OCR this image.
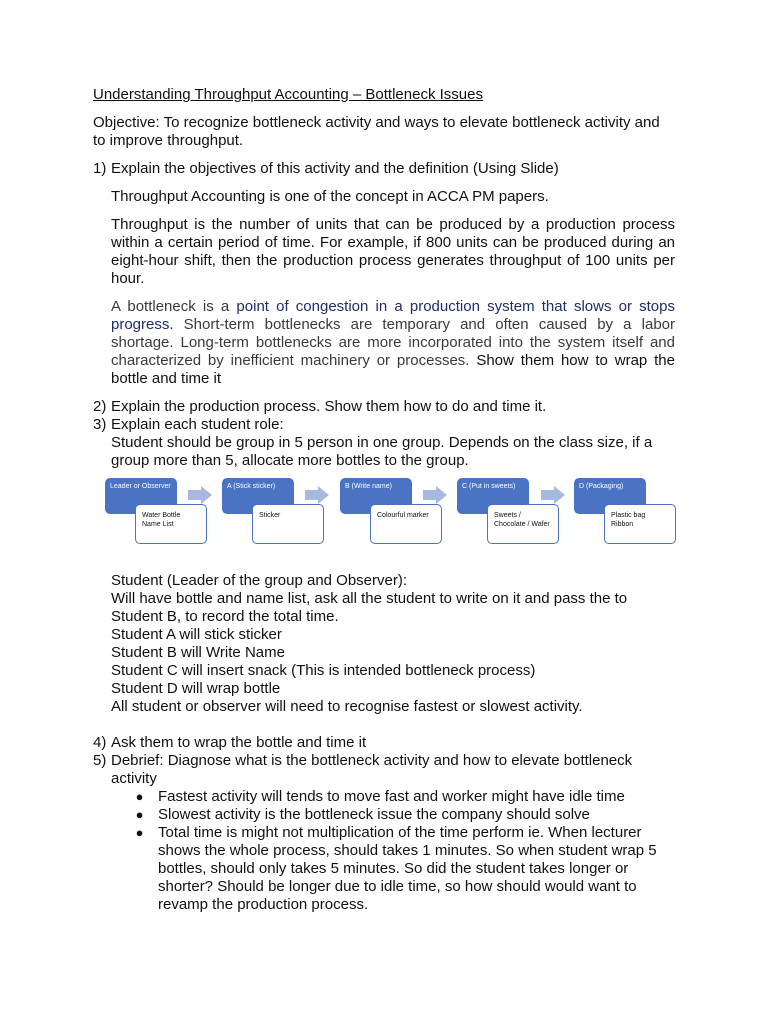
Understanding Throughput Accounting – Bottleneck Issues
Objective: To recognize bottleneck activity and ways to elevate bottleneck activity and to improve throughput.
1) Explain the objectives of this activity and the definition (Using Slide)
Throughput Accounting is one of the concept in ACCA PM papers.
Throughput is the number of units that can be produced by a production process within a certain period of time. For example, if 800 units can be produced during an eight-hour shift, then the production process generates throughput of 100 units per hour.
A bottleneck is a point of congestion in a production system that slows or stops progress. Short-term bottlenecks are temporary and often caused by a labor shortage. Long-term bottlenecks are more incorporated into the system itself and characterized by inefficient machinery or processes. Show them how to wrap the bottle and time it
2) Explain the production process. Show them how to do and time it.
3) Explain each student role:
Student should be group in 5 person in one group. Depends on the class size, if a group more than 5, allocate more bottles to the group.
Leader or Observer
Water Bottle Name List
A (Stick sticker)
Sticker
B (Write name)
Colourful marker
C (Put in sweets)
Sweets / Chocolate / Wafer
D (Packaging)
Plastic bag Ribbon
Student (Leader of the group and Observer):
Will have bottle and name list, ask all the student to write on it and pass the to Student B, to record the total time.
Student A will stick sticker
Student B will Write Name
Student C will insert snack (This is intended bottleneck process)
Student D will wrap bottle
All student or observer will need to recognise fastest or slowest activity.
4) Ask them to wrap the bottle and time it
5) Debrief: Diagnose what is the bottleneck activity and how to elevate bottleneck activity
● Fastest activity will tends to move fast and worker might have idle time
● Slowest activity is the bottleneck issue the company should solve
● Total time is might not multiplication of the time perform ie. When lecturer shows the whole process, should takes 1 minutes. So when student wrap 5 bottles, should only takes 5 minutes. So did the student takes longer or shorter? Should be longer due to idle time, so how should would want to revamp the production process.
